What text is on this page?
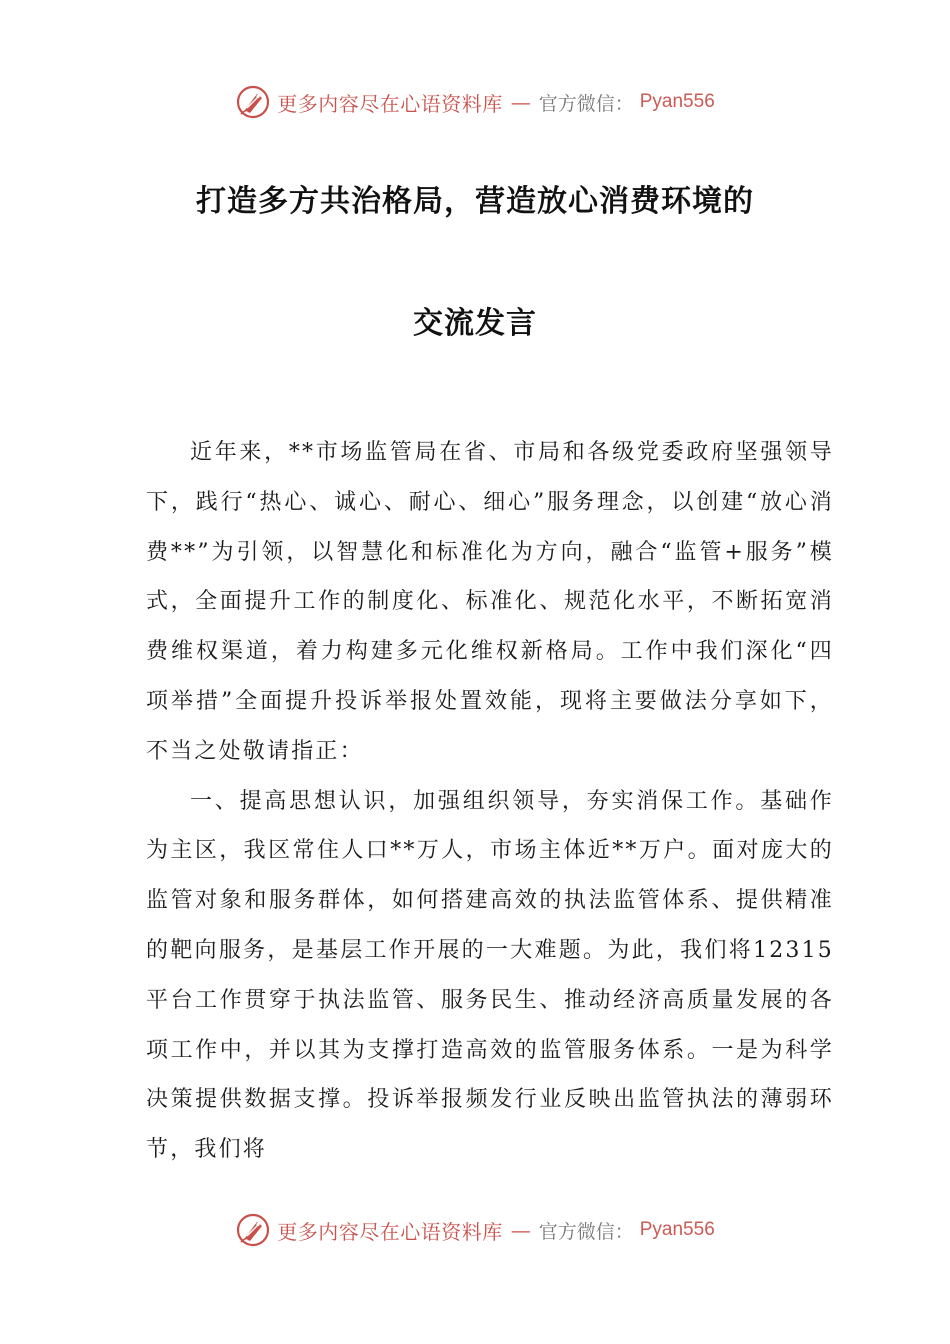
更多内容尽在心语资料库 — 官方微信： Pyan556
打造多方共治格局，营造放心消费环境的
交流发言

近年来，**市场监管局在省、市局和各级党委政府坚强领导下，践行“热心、诚心、耐心、细心”服务理念，以创建“放心消费**”为引领，以智慧化和标准化为方向，融合“监管+服务”模式，全面提升工作的制度化、标准化、规范化水平，不断拓宽消费维权渠道，着力构建多元化维权新格局。工作中我们深化“四项举措”全面提升投诉举报处置效能，现将主要做法分享如下，不当之处敬请指正：

一、提高思想认识，加强组织领导，夯实消保工作。基础作为主区，我区常住人口**万人，市场主体近**万户。面对庞大的监管对象和服务群体，如何搭建高效的执法监管体系、提供精准的靶向服务，是基层工作开展的一大难题。为此，我们将12315平台工作贯穿于执法监管、服务民生、推动经济高质量发展的各项工作中，并以其为支撑打造高效的监管服务体系。一是为科学决策提供数据支撑。投诉举报频发行业反映出监管执法的薄弱环节，我们将

更多内容尽在心语资料库 — 官方微信： Pyan556
